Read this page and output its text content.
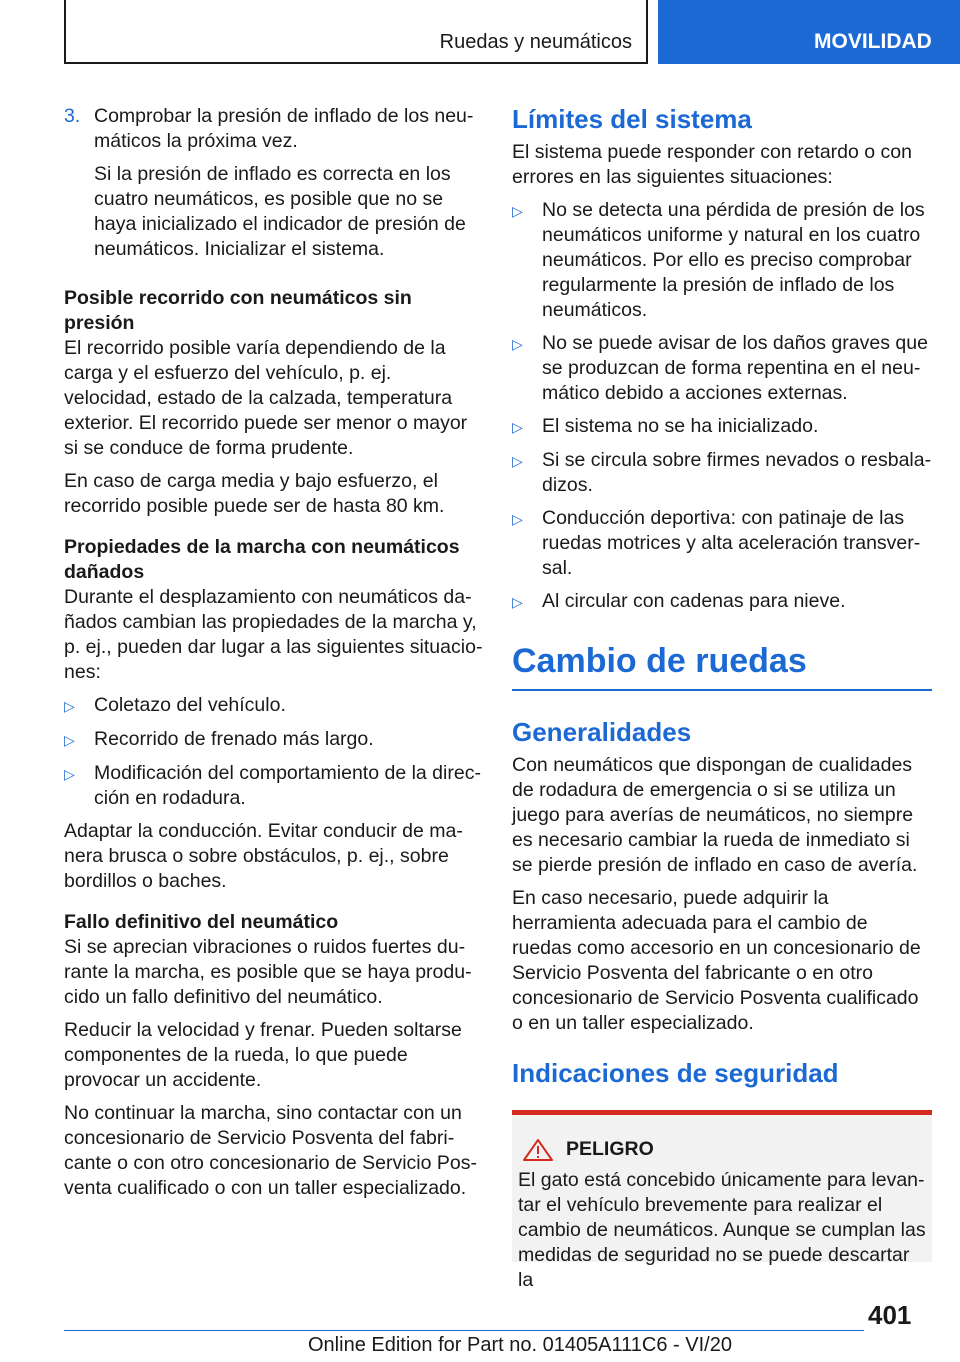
Ruedas y neumáticos	MOVILIDAD
3. Comprobar la presión de inflado de los neumáticos la próxima vez.

Si la presión de inflado es correcta en los cuatro neumáticos, es posible que no se haya inicializado el indicador de presión de neumáticos. Inicializar el sistema.

Posible recorrido con neumáticos sin presión

El recorrido posible varía dependiendo de la carga y el esfuerzo del vehículo, p. ej. velocidad, estado de la calzada, temperatura exterior. El recorrido puede ser menor o mayor si se conduce de forma prudente.

En caso de carga media y bajo esfuerzo, el recorrido posible puede ser de hasta 80 km.

Propiedades de la marcha con neumáticos dañados

Durante el desplazamiento con neumáticos dañados cambian las propiedades de la marcha y, p. ej., pueden dar lugar a las siguientes situaciones:

▷ Coletazo del vehículo.
▷ Recorrido de frenado más largo.
▷ Modificación del comportamiento de la dirección en rodadura.

Adaptar la conducción. Evitar conducir de manera brusca o sobre obstáculos, p. ej., sobre bordillos o baches.

Fallo definitivo del neumático

Si se aprecian vibraciones o ruidos fuertes durante la marcha, es posible que se haya producido un fallo definitivo del neumático.

Reducir la velocidad y frenar. Pueden soltarse componentes de la rueda, lo que puede provocar un accidente.

No continuar la marcha, sino contactar con un concesionario de Servicio Posventa del fabricante o con otro concesionario de Servicio Posventa cualificado o con un taller especializado.

Límites del sistema

El sistema puede responder con retardo o con errores en las siguientes situaciones:

▷ No se detecta una pérdida de presión de los neumáticos uniforme y natural en los cuatro neumáticos. Por ello es preciso comprobar regularmente la presión de inflado de los neumáticos.
▷ No se puede avisar de los daños graves que se produzcan de forma repentina en el neumático debido a acciones externas.
▷ El sistema no se ha inicializado.
▷ Si se circula sobre firmes nevados o resbaladizos.
▷ Conducción deportiva: con patinaje de las ruedas motrices y alta aceleración transversal.
▷ Al circular con cadenas para nieve.
Cambio de ruedas
Generalidades

Con neumáticos que dispongan de cualidades de rodadura de emergencia o si se utiliza un juego para averías de neumáticos, no siempre es necesario cambiar la rueda de inmediato si se pierde presión de inflado en caso de avería.

En caso necesario, puede adquirir la herramienta adecuada para el cambio de ruedas como accesorio en un concesionario de Servicio Posventa del fabricante o en otro concesionario de Servicio Posventa cualificado o en un taller especializado.

Indicaciones de seguridad
PELIGRO

El gato está concebido únicamente para levantar el vehículo brevemente para realizar el cambio de neumáticos. Aunque se cumplan las medidas de seguridad no se puede descartar la

401
Online Edition for Part no. 01405A111C6 - VI/20
